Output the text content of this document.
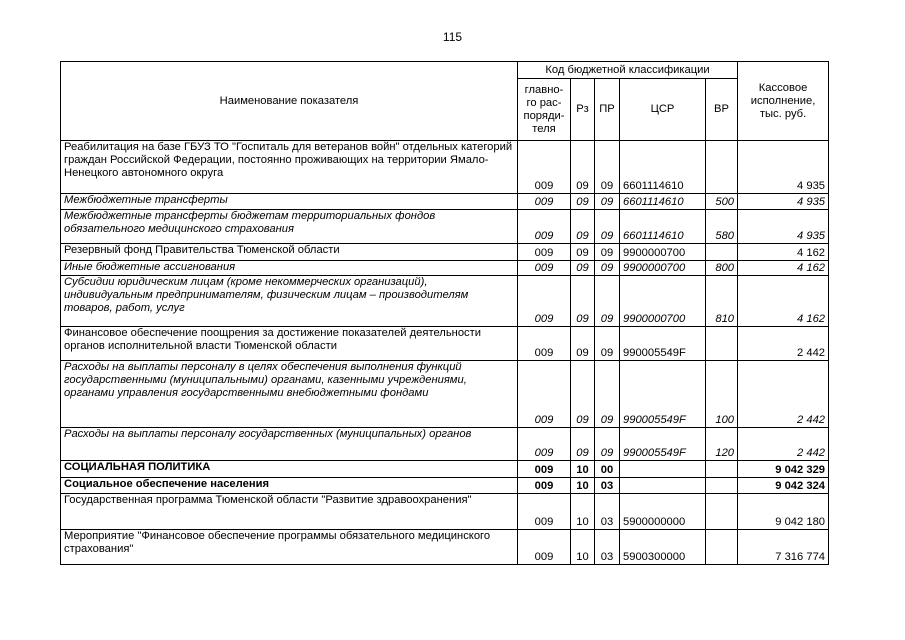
115
Наименование показателя	Код бюджетной классификации					Кассовое исполнение, тыс. руб.
	главно-го рас-поряди-теля	Рз	ПР	ЦСР	ВР	
Реабилитация на базе ГБУЗ ТО "Госпиталь для ветеранов войн" отдельных категорий граждан Российской Федерации, постоянно проживающих на территории Ямало-Ненецкого автономного округа	009	09	09	6601114610		4 935
Межбюджетные трансферты	009	09	09	6601114610	500	4 935
Межбюджетные трансферты бюджетам территориальных фондов обязательного медицинского страхования	009	09	09	6601114610	580	4 935
Резервный фонд Правительства Тюменской области	009	09	09	9900000700		4 162
Иные бюджетные ассигнования	009	09	09	9900000700	800	4 162
Субсидии юридическим лицам (кроме некоммерческих организаций), индивидуальным предпринимателям, физическим лицам – производителям товаров, работ, услуг	009	09	09	9900000700	810	4 162
Финансовое обеспечение поощрения за достижение показателей деятельности органов исполнительной власти Тюменской области	009	09	09	990005549F		2 442
Расходы на выплаты персоналу в целях обеспечения выполнения функций государственными (муниципальными) органами, казенными учреждениями, органами управления государственными внебюджетными фондами	009	09	09	990005549F	100	2 442
Расходы на выплаты персоналу государственных (муниципальных) органов	009	09	09	990005549F	120	2 442
СОЦИАЛЬНАЯ ПОЛИТИКА	009	10	00			9 042 329
Социальное обеспечение населения	009	10	03			9 042 324
Государственная программа Тюменской области "Развитие здравоохранения"	009	10	03	5900000000		9 042 180
Мероприятие "Финансовое обеспечение программы обязательного медицинского страхования"	009	10	03	5900300000		7 316 774
